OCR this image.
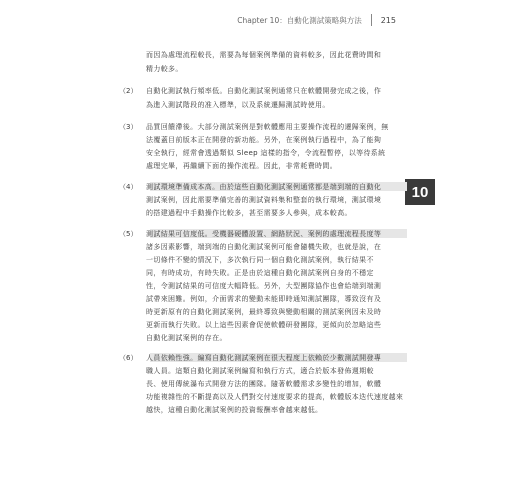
Chapter 10：自動化測試策略與方法 215
10
而因為處理流程較長，需要為每個案例準備的資料較多，因此花費時間和
精力較多。
（2） 自動化測試執行頻率低。自動化測試案例通常只在軟體開發完成之後，作
為進入測試階段的准入標準，以及系統遷歸測試時使用。
（3） 品質回饋滯後。大部分測試案例是對軟體應用主要操作流程的遷歸案例，無
法覆蓋目前版本正在開發的新功能。另外，在案例執行過程中，為了能夠
安全執行，經常會透過類似 Sleep 這樣的指令，令流程暫停，以等待系統
處理完畢，再繼續下面的操作流程。因此，非常耗費時間。
（4） 測試環境準備成本高。由於這些自動化測試案例通常都是端到端的自動化
測試案例，因此需要準備完善的測試資料集和整套的執行環境，測試環境
的搭建過程中手動操作比較多，甚至需要多人參與，成本較高。
（5） 測試結果可信度低。受機器硬體設置、網路狀況、案例的處理流程長度等
諸多因素影響，端到端的自動化測試案例可能會隨機失敗，也就是說，在
一切條件不變的情況下，多次執行同一個自動化測試案例，執行結果不
同，有時成功，有時失敗。正是由於這種自動化測試案例自身的不穩定
性，令測試結果的可信度大幅降低。另外，大型團隊協作也會給端到端測
試帶來困難。例如，介面需求的變動未能即時通知測試團隊，導致沒有及
時更新原有的自動化測試案例，最終導致與變動相關的測試案例因未及時
更新而執行失敗。以上這些因素會促使軟體研發團隊，更傾向於忽略這些
自動化測試案例的存在。
（6） 人員依賴性強。編寫自動化測試案例在很大程度上依賴於少數測試開發專
職人員。這類自動化測試案例編寫和執行方式，適合於版本發佈週期較
長、使用傳統瀑布式開發方法的團隊。隨著軟體需求多變性的增加，軟體
功能複雜性的不斷提高以及人們對交付速度要求的提高，軟體版本迭代速度越來
越快，這種自動化測試案例的投資報酬率會越來越低。
